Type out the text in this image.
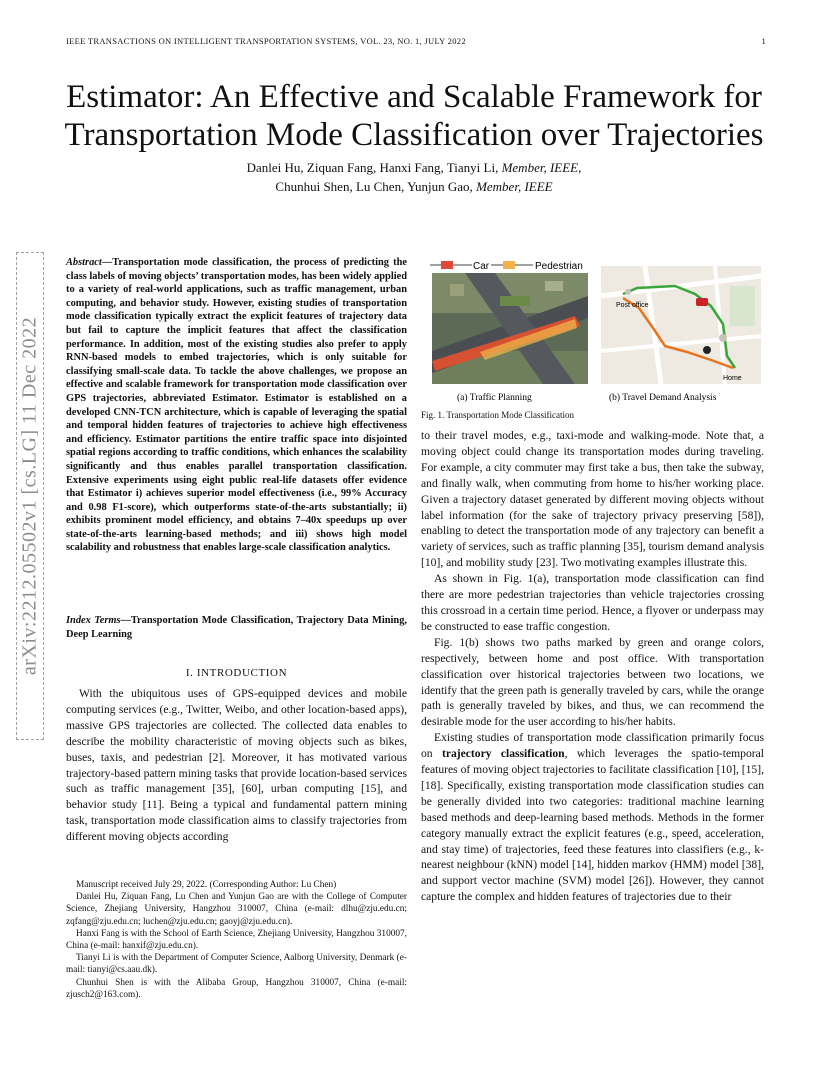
IEEE TRANSACTIONS ON INTELLIGENT TRANSPORTATION SYSTEMS, VOL. 23, NO. 1, JULY 2022	1
Estimator: An Effective and Scalable Framework for
Transportation Mode Classification over Trajectories
Danlei Hu, Ziquan Fang, Hanxi Fang, Tianyi Li, Member, IEEE,
Chunhui Shen, Lu Chen, Yunjun Gao, Member, IEEE
arXiv:2212.05502v1 [cs.LG] 11 Dec 2022
Abstract—Transportation mode classification, the process of predicting the class labels of moving objects’ transportation modes, has been widely applied to a variety of real-world applications, such as traffic management, urban computing, and behavior study. However, existing studies of transportation mode classification typically extract the explicit features of trajectory data but fail to capture the implicit features that affect the classification performance. In addition, most of the existing studies also prefer to apply RNN-based models to embed trajectories, which is only suitable for classifying small-scale data. To tackle the above challenges, we propose an effective and scalable framework for transportation mode classification over GPS trajectories, abbreviated Estimator. Estimator is established on a developed CNN-TCN architecture, which is capable of leveraging the spatial and temporal hidden features of trajectories to achieve high effectiveness and efficiency. Estimator partitions the entire traffic space into disjointed spatial regions according to traffic conditions, which enhances the scalability significantly and thus enables parallel transportation classification. Extensive experiments using eight public real-life datasets offer evidence that Estimator i) achieves superior model effectiveness (i.e., 99% Accuracy and 0.98 F1-score), which outperforms state-of-the-arts substantially; ii) exhibits prominent model efficiency, and obtains 7–40x speedups up over state-of-the-arts learning-based methods; and iii) shows high model scalability and robustness that enables large-scale classification analytics.
Index Terms—Transportation Mode Classification, Trajectory Data Mining, Deep Learning
I. INTRODUCTION

With the ubiquitous uses of GPS-equipped devices and mobile computing services (e.g., Twitter, Weibo, and other location-based apps), massive GPS trajectories are collected. The collected data enables to describe the mobility characteristic of moving objects such as bikes, buses, taxis, and pedestrian [2]. Moreover, it has motivated various trajectory-based pattern mining tasks that provide location-based services such as traffic management [35], [60], urban computing [15], and behavior study [11]. Being a typical and fundamental pattern mining task, transportation mode classification aims to classify trajectories from different moving objects according

Manuscript received July 29, 2022. (Corresponding Author: Lu Chen)

Danlei Hu, Ziquan Fang, Lu Chen and Yunjun Gao are with the College of Computer Science, Zhejiang University, Hangzhou 310007, China (e-mail: dlhu@zju.edu.cn; zqfang@zju.edu.cn; luchen@zju.edu.cn; gaoyj@zju.edu.cn).

Hanxi Fang is with the School of Earth Science, Zhejiang University, Hangzhou 310007, China (e-mail: hanxif@zju.edu.cn).

Tianyi Li is with the Department of Computer Science, Aalborg University, Denmark (e-mail: tianyi@cs.aau.dk).

Chunhui Shen is with the Alibaba Group, Hangzhou 310007, China (e-mail: zjusch2@163.com).

Car	Pedestrian
Post office
Home
(a) Traffic Planning	(b) Travel Demand Analysis
Fig. 1. Transportation Mode Classification

to their travel modes, e.g., taxi-mode and walking-mode. Note that, a moving object could change its transportation modes during traveling. For example, a city commuter may first take a bus, then take the subway, and finally walk, when commuting from home to his/her working place. Given a trajectory dataset generated by different moving objects without label information (for the sake of trajectory privacy preserving [58]), enabling to detect the transportation mode of any trajectory can benefit a variety of services, such as traffic planning [35], tourism demand analysis [10], and mobility study [23]. Two motivating examples illustrate this.

As shown in Fig. 1(a), transportation mode classification can find there are more pedestrian trajectories than vehicle trajectories crossing this crossroad in a certain time period. Hence, a flyover or underpass may be constructed to ease traffic congestion.

Fig. 1(b) shows two paths marked by green and orange colors, respectively, between home and post office. With transportation classification over historical trajectories between two locations, we identify that the green path is generally traveled by cars, while the orange path is generally traveled by bikes, and thus, we can recommend the desirable mode for the user according to his/her habits.

Existing studies of transportation mode classification primarily focus on trajectory classification, which leverages the spatio-temporal features of moving object trajectories to facilitate classification [10], [15], [18]. Specifically, existing transportation mode classification studies can be generally divided into two categories: traditional machine learning based methods and deep-learning based methods. Methods in the former category manually extract the explicit features (e.g., speed, acceleration, and stay time) of trajectories, feed these features into classifiers (e.g., k-nearest neighbour (kNN) model [14], hidden markov (HMM) model [38], and support vector machine (SVM) model [26]). However, they cannot capture the complex and hidden features of trajectories due to their
